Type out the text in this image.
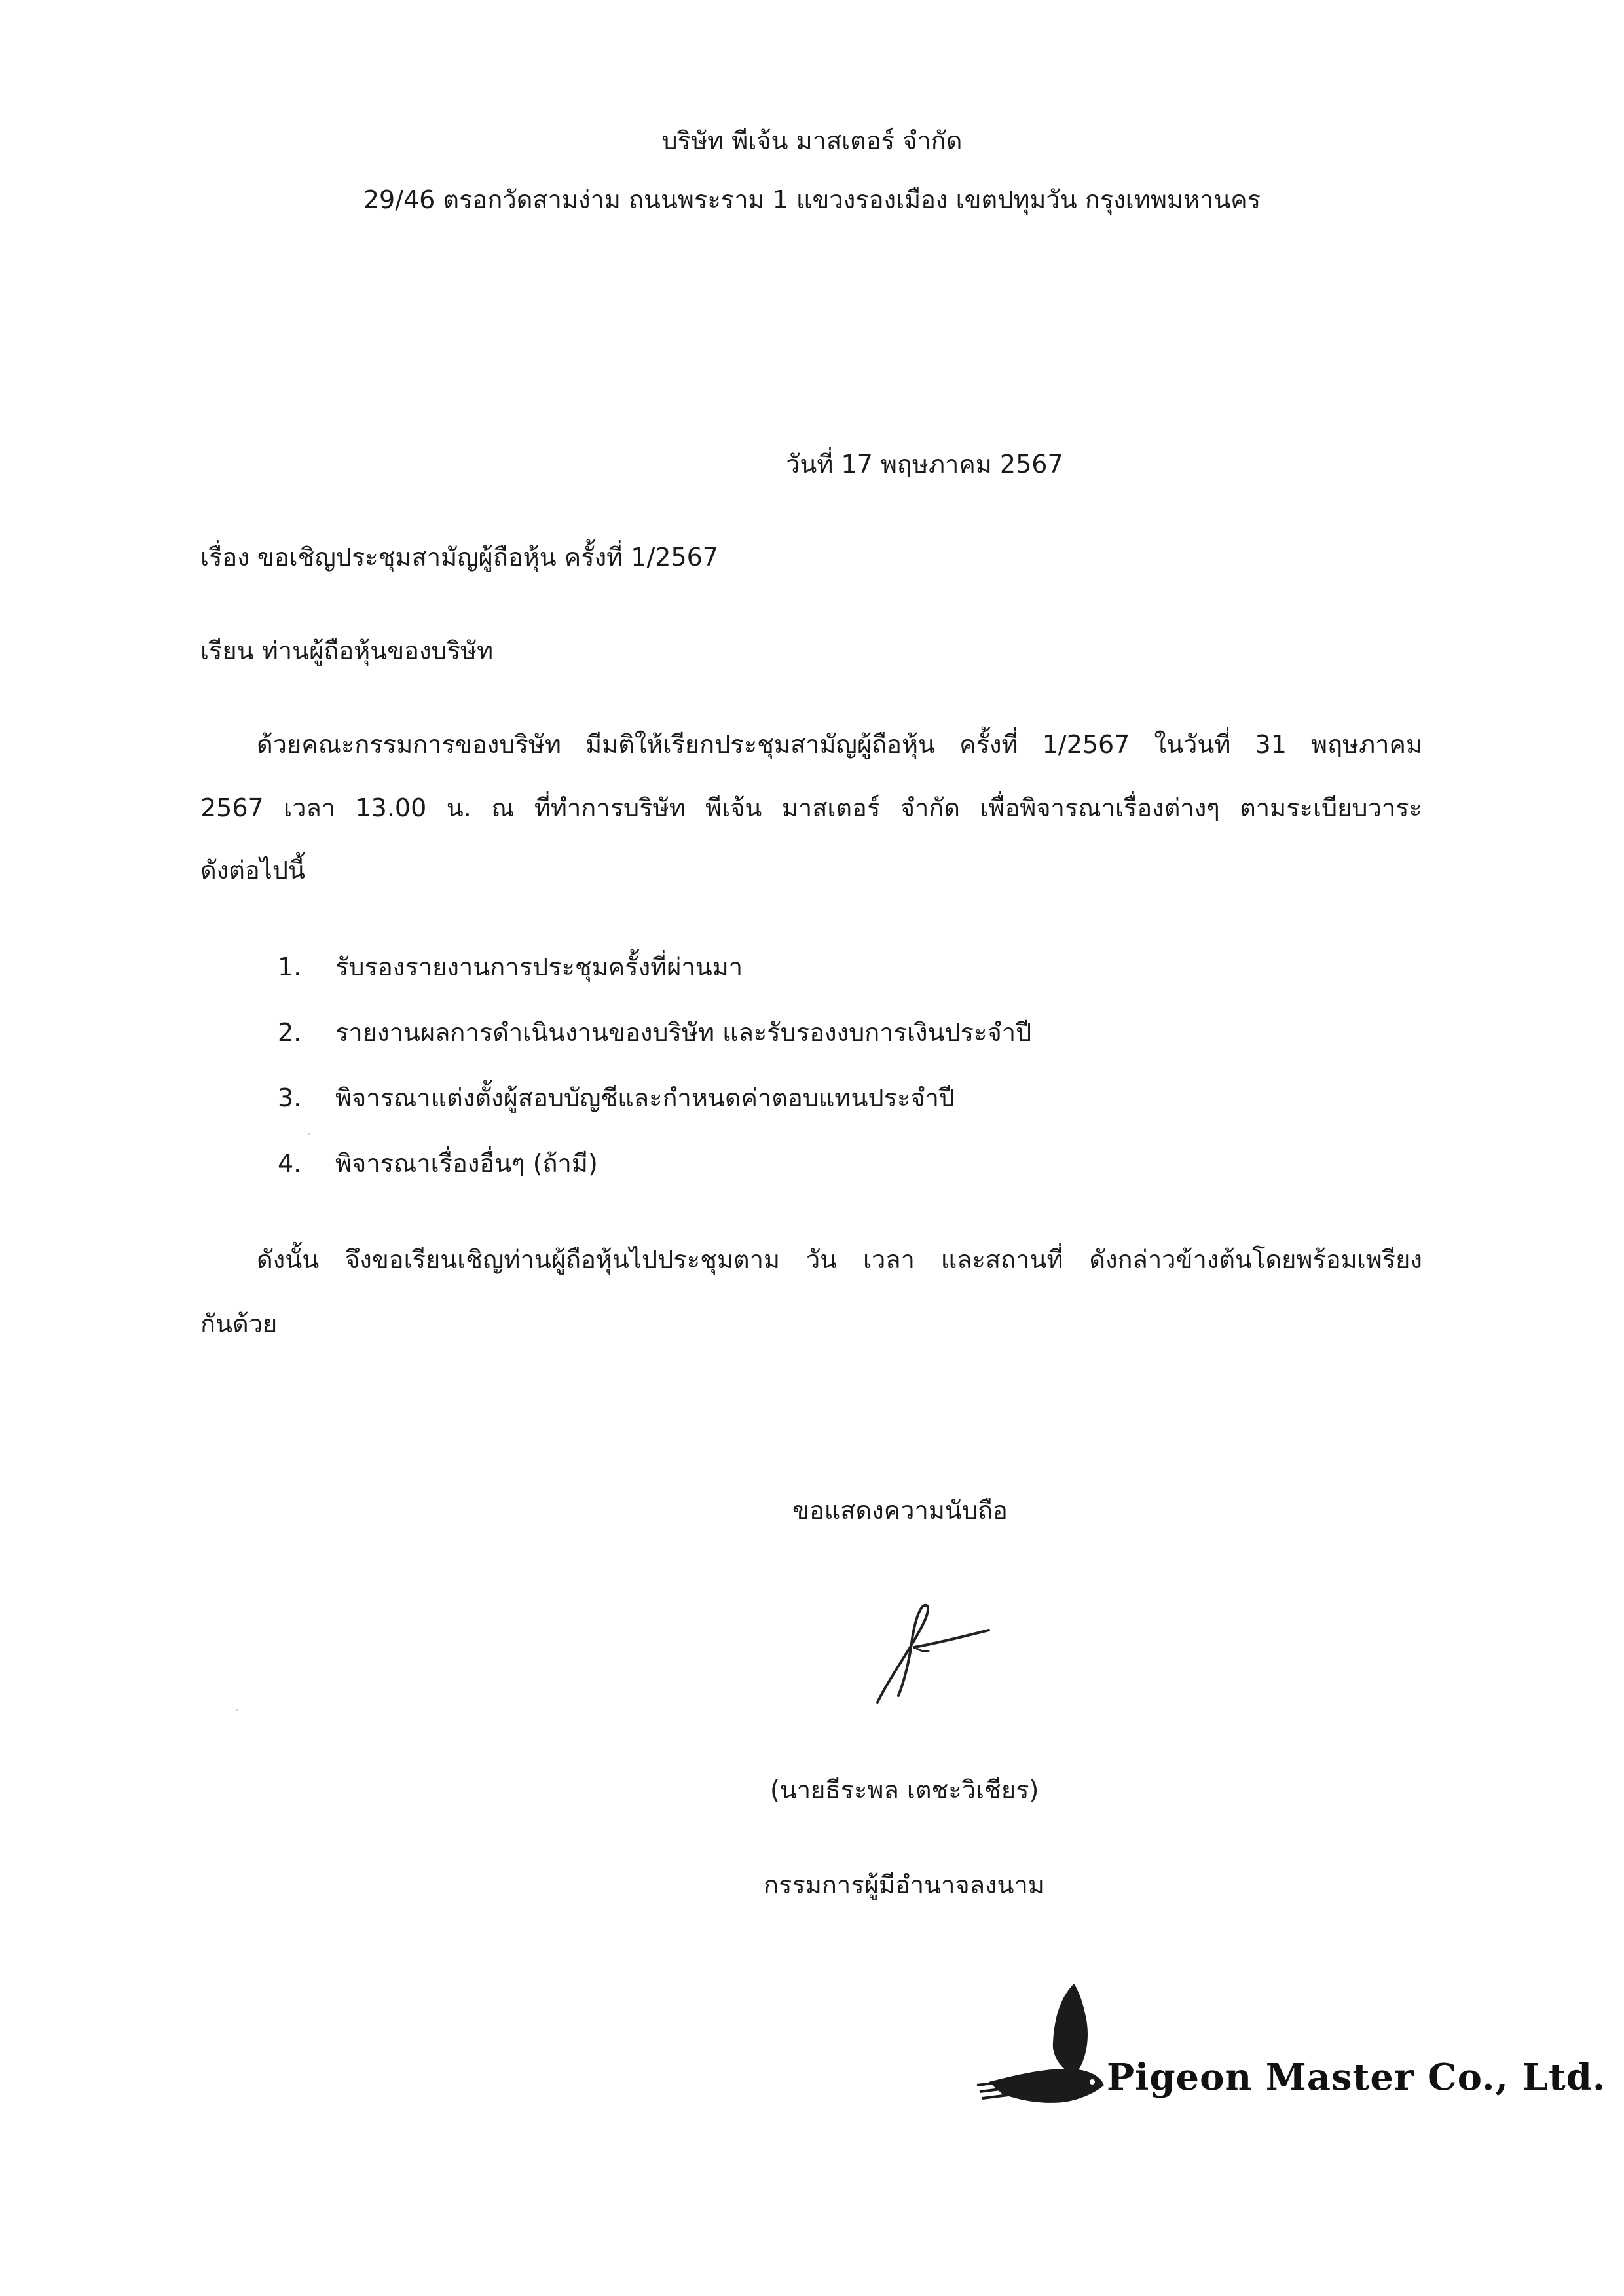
บริษัท พีเจ้น มาสเตอร์ จำกัด
29/46 ตรอกวัดสามง่าม ถนนพระราม 1 แขวงรองเมือง เขตปทุมวัน กรุงเทพมหานคร
วันที่ 17 พฤษภาคม 2567
เรื่อง ขอเชิญประชุมสามัญผู้ถือหุ้น ครั้งที่ 1/2567
เรียน ท่านผู้ถือหุ้นของบริษัท
ด้วยคณะกรรมการของบริษัท มีมติให้เรียกประชุมสามัญผู้ถือหุ้น ครั้งที่ 1/2567 ในวันที่ 31 พฤษภาคม
2567 เวลา 13.00 น. ณ ที่ทำการบริษัท พีเจ้น มาสเตอร์ จำกัด เพื่อพิจารณาเรื่องต่างๆ ตามระเบียบวาระ
ดังต่อไปนี้
1. รับรองรายงานการประชุมครั้งที่ผ่านมา
2. รายงานผลการดำเนินงานของบริษัท และรับรองงบการเงินประจำปี
3. พิจารณาแต่งตั้งผู้สอบบัญชีและกำหนดค่าตอบแทนประจำปี
4. พิจารณาเรื่องอื่นๆ (ถ้ามี)
ดังนั้น จึงขอเรียนเชิญท่านผู้ถือหุ้นไปประชุมตาม วัน เวลา และสถานที่ ดังกล่าวข้างต้นโดยพร้อมเพรียง
กันด้วย
ขอแสดงความนับถือ
(นายธีระพล เตชะวิเชียร)
กรรมการผู้มีอำนาจลงนาม
Pigeon Master Co., Ltd.
